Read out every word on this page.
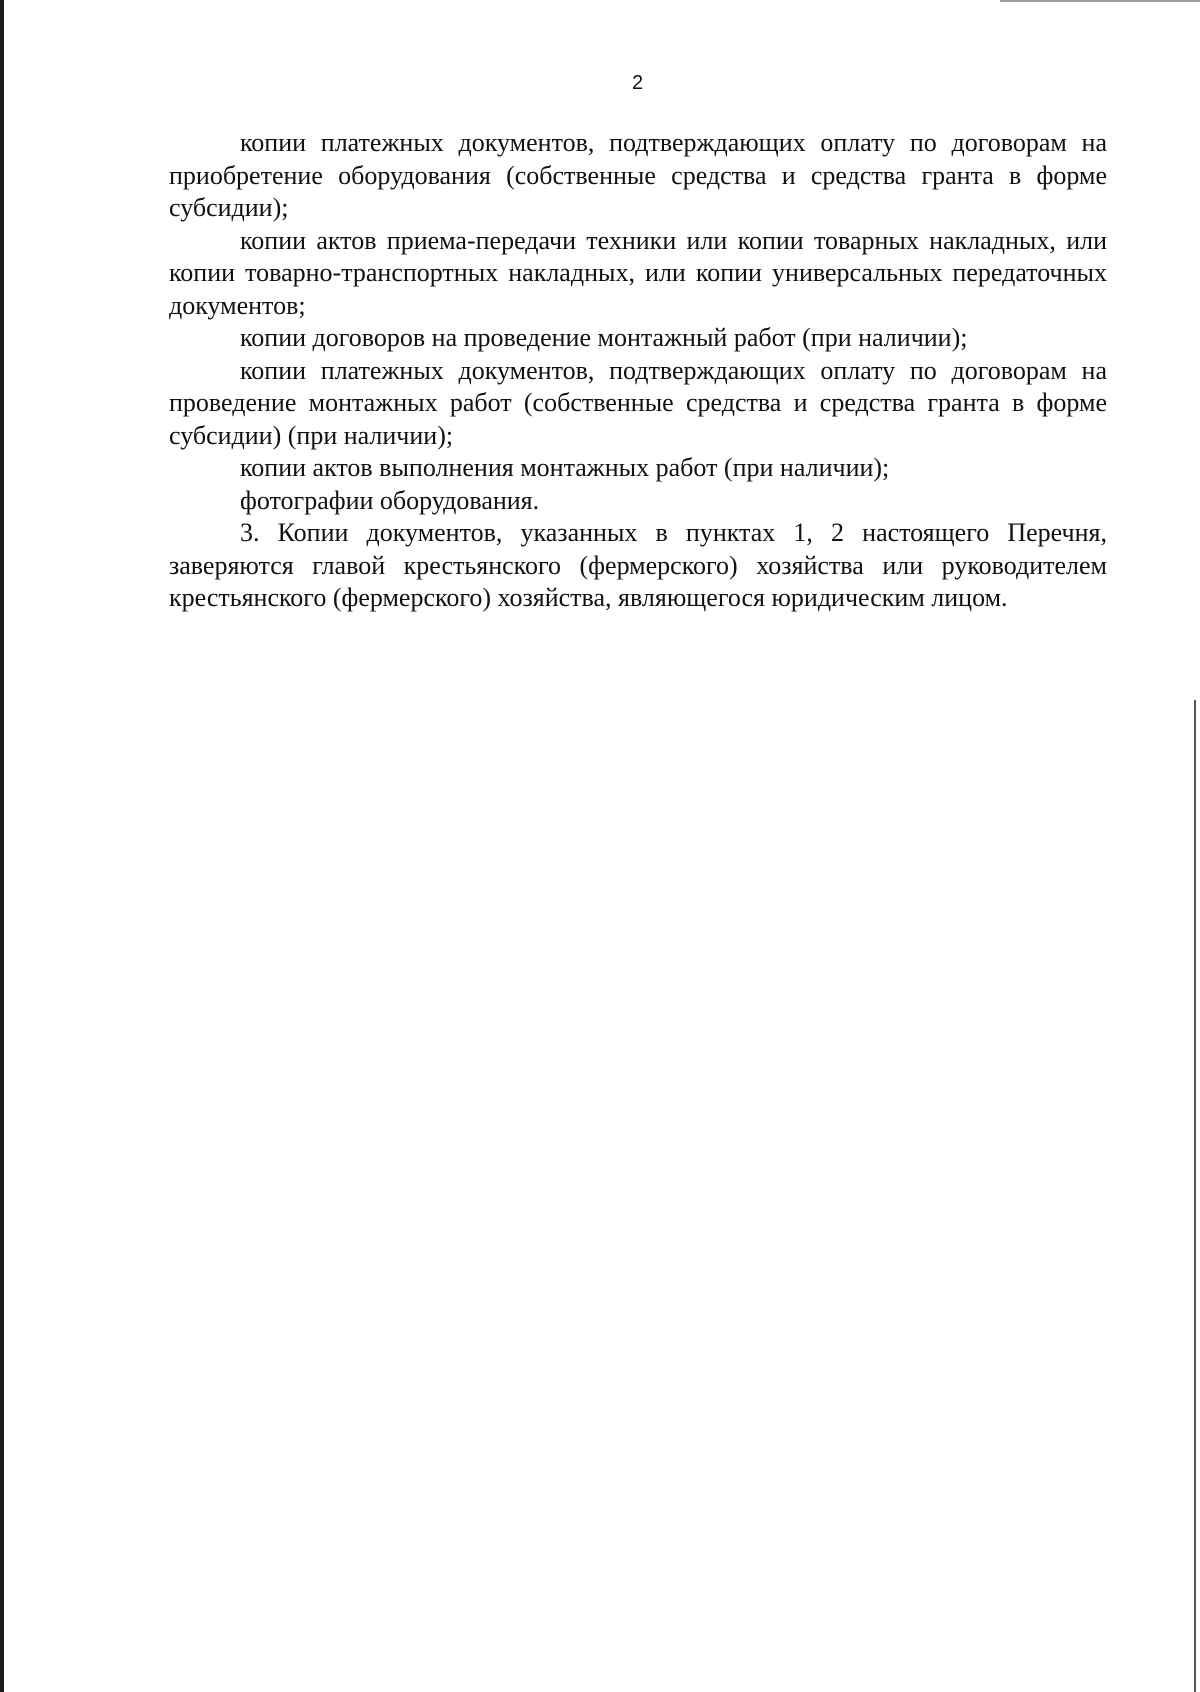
2

копии платежных документов, подтверждающих оплату по договорам на приобретение оборудования (собственные средства и средства гранта в форме субсидии);

копии актов приема-передачи техники или копии товарных накладных, или копии товарно-транспортных накладных, или копии универсальных передаточных документов;

копии договоров на проведение монтажный работ (при наличии);

копии платежных документов, подтверждающих оплату по договорам на проведение монтажных работ (собственные средства и средства гранта в форме субсидии) (при наличии);

копии актов выполнения монтажных работ (при наличии);

фотографии оборудования.

3. Копии документов, указанных в пунктах 1, 2 настоящего Перечня, заверяются главой крестьянского (фермерского) хозяйства или руководителем крестьянского (фермерского) хозяйства, являющегося юридическим лицом.
